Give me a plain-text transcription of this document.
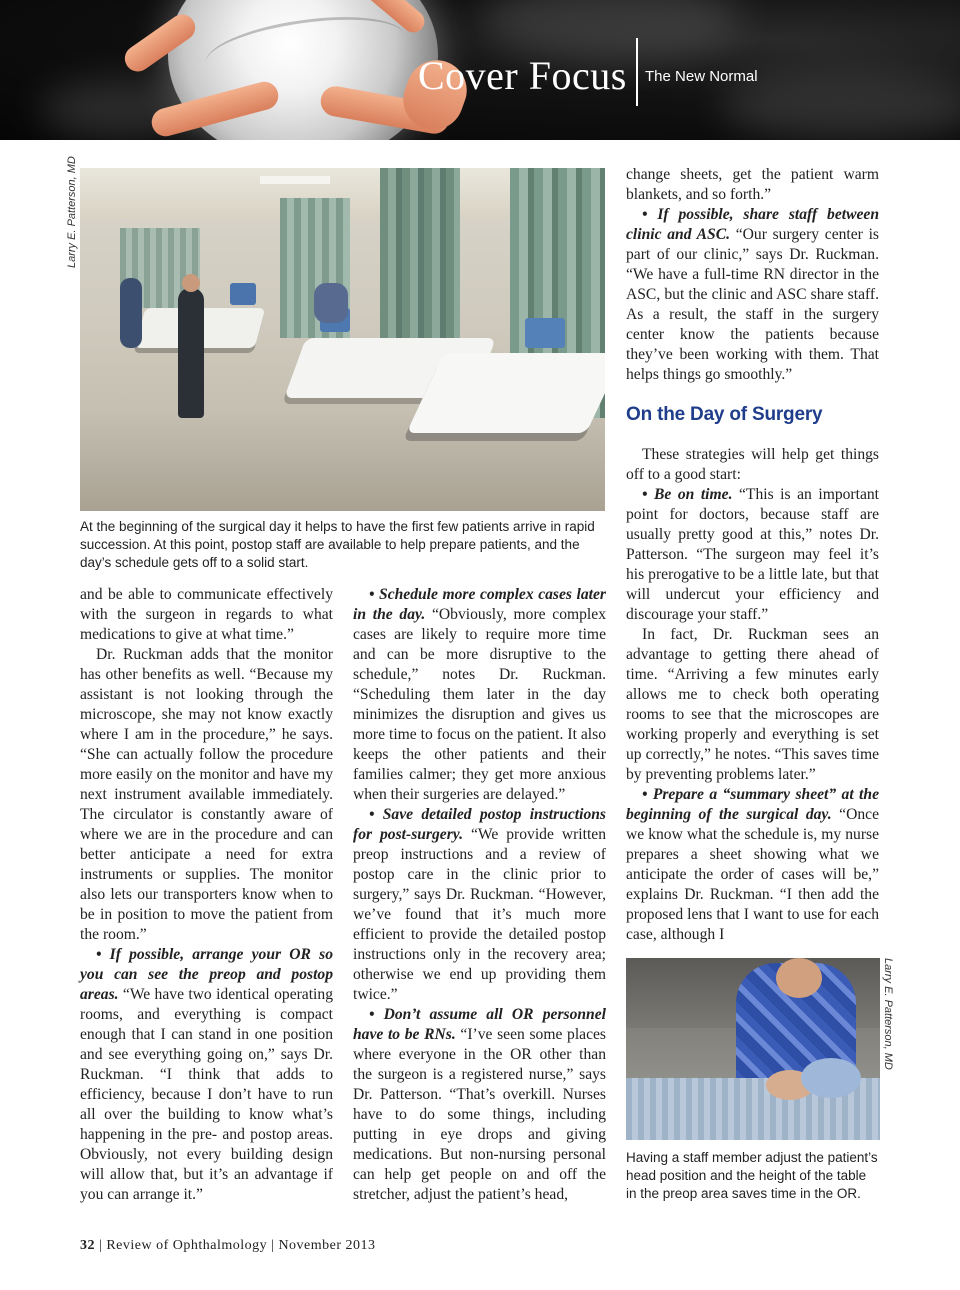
Cover Focus The New Normal
Larry E. Patterson, MD
Larry E. Patterson, MD
At the beginning of the surgical day it helps to have the first few patients arrive in rapid succession. At this point, postop staff are available to help prepare patients, and the day’s schedule gets off to a solid start.

and be able to communicate effectively with the surgeon in regards to what medications to give at what time.”

Dr. Ruckman adds that the monitor has other benefits as well. “Because my assistant is not looking through the microscope, she may not know exactly where I am in the procedure,” he says. “She can actually follow the procedure more easily on the monitor and have my next instrument available immediately. The circulator is constantly aware of where we are in the procedure and can better anticipate a need for extra instruments or supplies. The monitor also lets our transporters know when to be in position to move the patient from the room.”

• If possible, arrange your OR so you can see the preop and postop areas. “We have two identical operating rooms, and everything is compact enough that I can stand in one position and see everything going on,” says Dr. Ruckman. “I think that adds to efficiency, because I don’t have to run all over the building to know what’s happening in the pre- and postop areas. Obviously, not every building design will allow that, but it’s an advantage if you can arrange it.”

• Schedule more complex cases later in the day. “Obviously, more complex cases are likely to require more time and can be more disruptive to the schedule,” notes Dr. Ruckman. “Scheduling them later in the day minimizes the disruption and gives us more time to focus on the patient. It also keeps the other patients and their families calmer; they get more anxious when their surgeries are delayed.”

• Save detailed postop instructions for post-surgery. “We provide written preop instructions and a review of postop care in the clinic prior to surgery,” says Dr. Ruckman. “However, we’ve found that it’s much more efficient to provide the detailed postop instructions only in the recovery area; otherwise we end up providing them twice.”

• Don’t assume all OR personnel have to be RNs. “I’ve seen some places where everyone in the OR other than the surgeon is a registered nurse,” says Dr. Patterson. “That’s overkill. Nurses have to do some things, including putting in eye drops and giving medications. But non-nursing personal can help get people on and off the stretcher, adjust the patient’s head,

change sheets, get the patient warm blankets, and so forth.”

• If possible, share staff between clinic and ASC. “Our surgery center is part of our clinic,” says Dr. Ruckman. “We have a full-time RN director in the ASC, but the clinic and ASC share staff. As a result, the staff in the surgery center know the patients because they’ve been working with them. That helps things go smoothly.”

On the Day of Surgery

These strategies will help get things off to a good start:

• Be on time. “This is an important point for doctors, because staff are usually pretty good at this,” notes Dr. Patterson. “The surgeon may feel it’s his prerogative to be a little late, but that will undercut your efficiency and discourage your staff.”

In fact, Dr. Ruckman sees an advantage to getting there ahead of time. “Arriving a few minutes early allows me to check both operating rooms to see that the microscopes are working properly and everything is set up correctly,” he notes. “This saves time by preventing problems later.”

• Prepare a “summary sheet” at the beginning of the surgical day. “Once we know what the schedule is, my nurse prepares a sheet showing what we anticipate the order of cases will be,” explains Dr. Ruckman. “I then add the proposed lens that I want to use for each case, although I

Having a staff member adjust the patient’s head position and the height of the table in the preop area saves time in the OR.
32 | Review of Ophthalmology | November 2013
